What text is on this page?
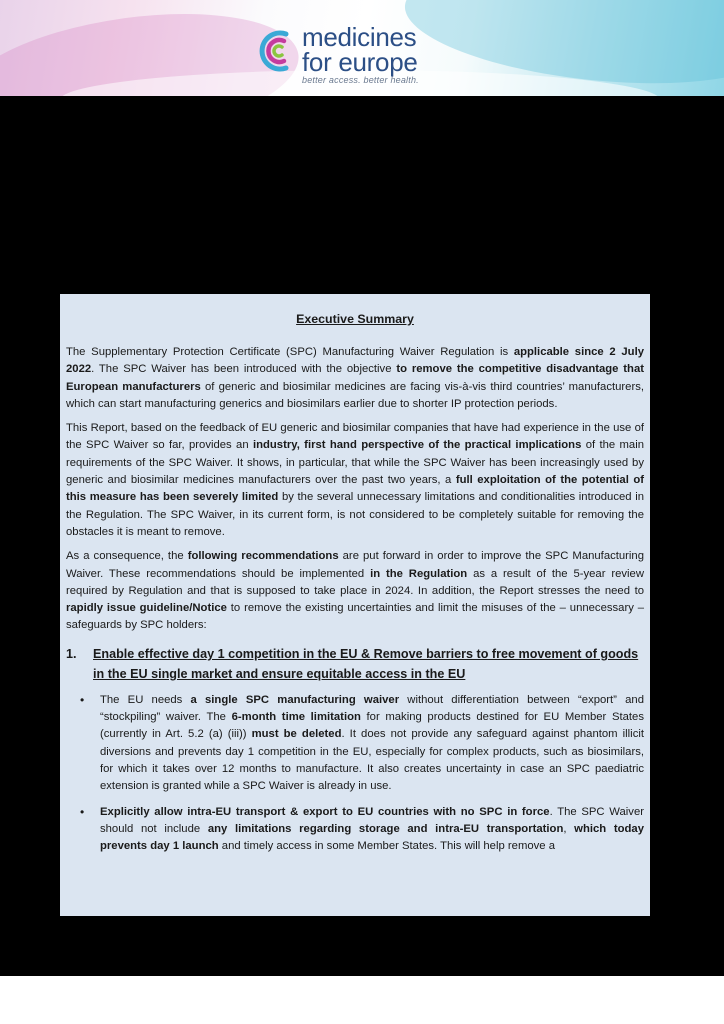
medicines
for europe
better access. better health.
Executive Summary

The Supplementary Protection Certificate (SPC) Manufacturing Waiver Regulation is applicable since 2 July 2022. The SPC Waiver has been introduced with the objective to remove the competitive disadvantage that European manufacturers of generic and biosimilar medicines are facing vis-à-vis third countries’ manufacturers, which can start manufacturing generics and biosimilars earlier due to shorter IP protection periods.

This Report, based on the feedback of EU generic and biosimilar companies that have had experience in the use of the SPC Waiver so far, provides an industry, first hand perspective of the practical implications of the main requirements of the SPC Waiver. It shows, in particular, that while the SPC Waiver has been increasingly used by generic and biosimilar medicines manufacturers over the past two years, a full exploitation of the potential of this measure has been severely limited by the several unnecessary limitations and conditionalities introduced in the Regulation. The SPC Waiver, in its current form, is not considered to be completely suitable for removing the obstacles it is meant to remove.

As a consequence, the following recommendations are put forward in order to improve the SPC Manufacturing Waiver. These recommendations should be implemented in the Regulation as a result of the 5-year review required by Regulation and that is supposed to take place in 2024. In addition, the Report stresses the need to rapidly issue guideline/Notice to remove the existing uncertainties and limit the misuses of the – unnecessary – safeguards by SPC holders:

1.	Enable effective day 1 competition in the EU & Remove barriers to free movement of goods in the EU single market and ensure equitable access in the EU
•	The EU needs a single SPC manufacturing waiver without differentiation between “export” and “stockpiling” waiver. The 6-month time limitation for making products destined for EU Member States (currently in Art. 5.2 (a) (iii)) must be deleted. It does not provide any safeguard against phantom illicit diversions and prevents day 1 competition in the EU, especially for complex products, such as biosimilars, for which it takes over 12 months to manufacture. It also creates uncertainty in case an SPC paediatric extension is granted while a SPC Waiver is already in use.
•	Explicitly allow intra-EU transport & export to EU countries with no SPC in force. The SPC Waiver should not include any limitations regarding storage and intra-EU transportation, which today prevents day 1 launch and timely access in some Member States. This will help remove a
